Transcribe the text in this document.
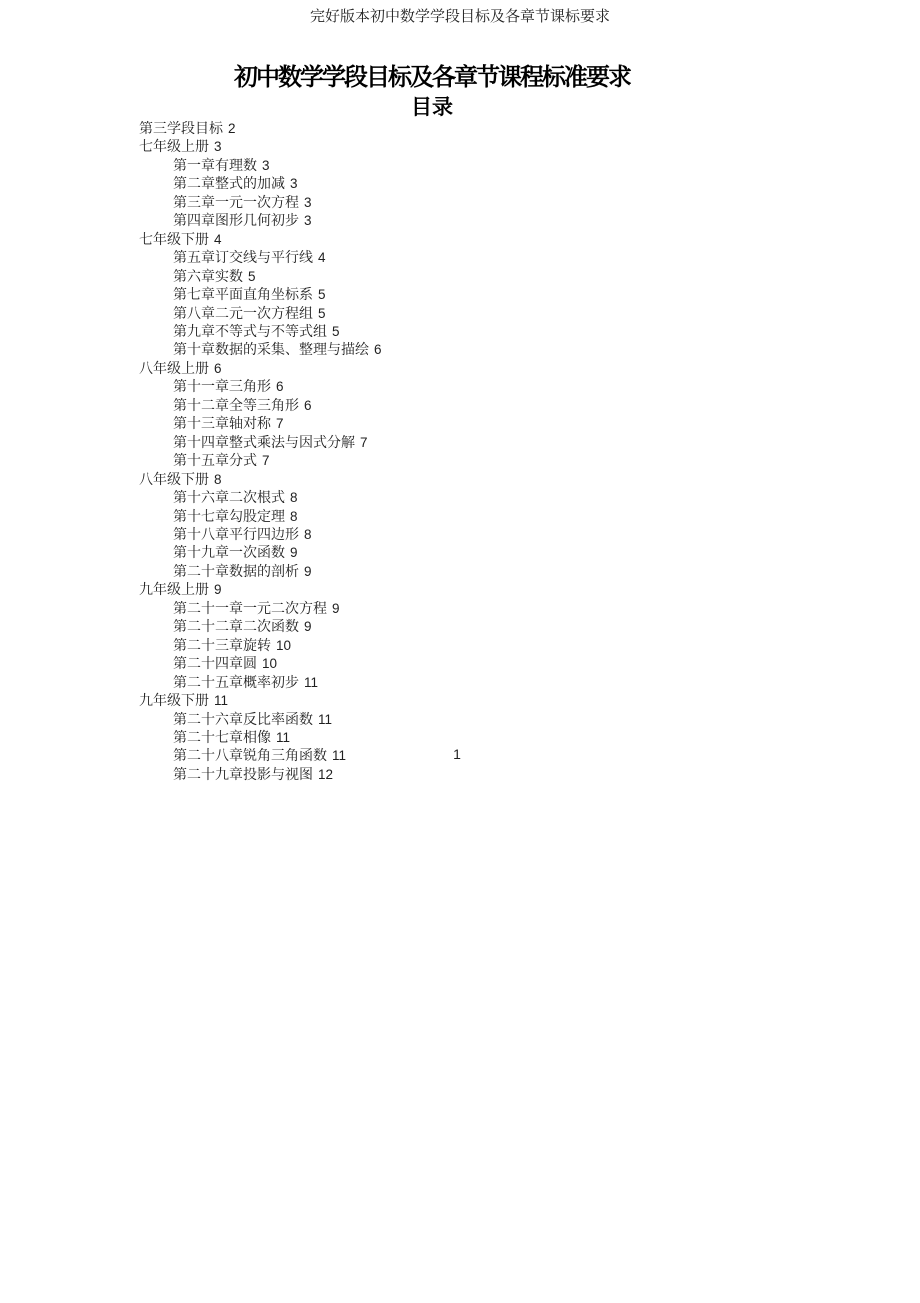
完好版本初中数学学段目标及各章节课标要求
初中数学学段目标及各章节课程标准要求
目录
第三学段目标 2
七年级上册 3
第一章有理数 3
第二章整式的加减 3
第三章一元一次方程 3
第四章图形几何初步 3
七年级下册 4
第五章订交线与平行线 4
第六章实数 5
第七章平面直角坐标系 5
第八章二元一次方程组 5
第九章不等式与不等式组 5
第十章数据的采集、整理与描绘 6
八年级上册 6
第十一章三角形 6
第十二章全等三角形 6
第十三章轴对称 7
第十四章整式乘法与因式分解 7
第十五章分式 7
八年级下册 8
第十六章二次根式 8
第十七章勾股定理 8
第十八章平行四边形 8
第十九章一次函数 9
第二十章数据的剖析 9
九年级上册 9
第二十一章一元二次方程 9
第二十二章二次函数 9
第二十三章旋转 10
第二十四章圆 10
第二十五章概率初步 11
九年级下册 11
第二十六章反比率函数 11
第二十七章相像 11
第二十八章锐角三角函数 11
第二十九章投影与视图 12
1
